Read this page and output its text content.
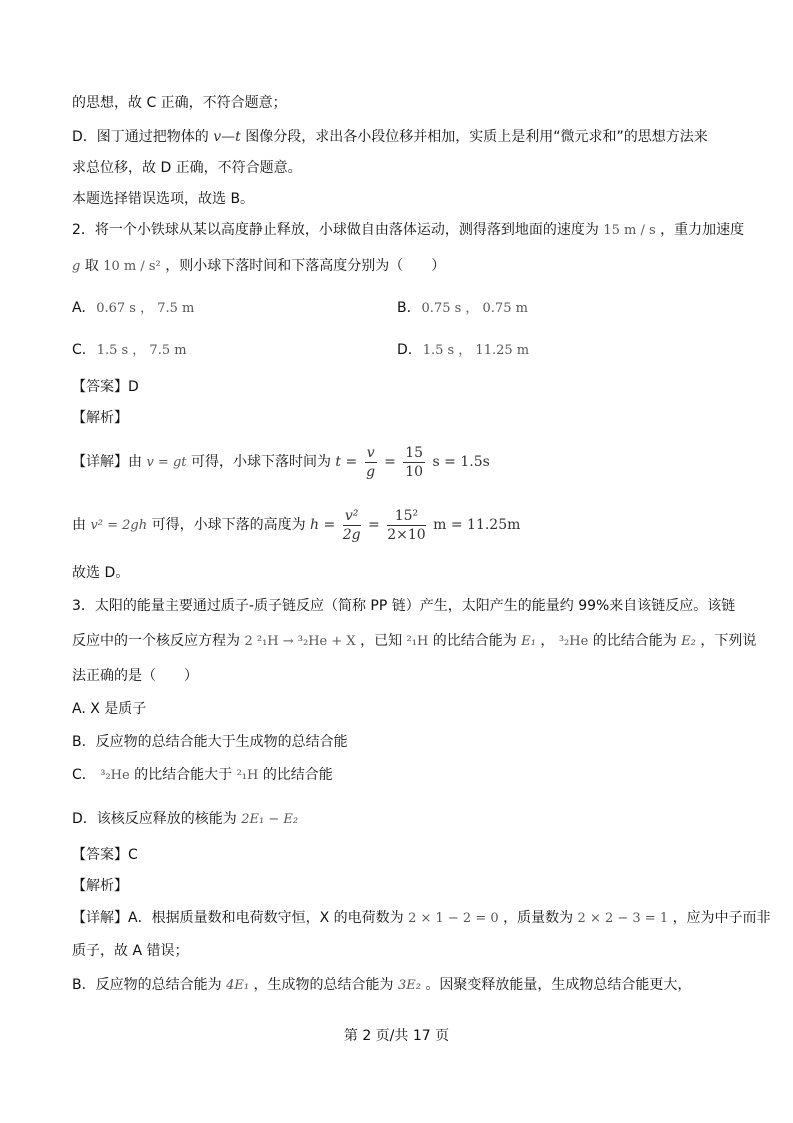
的思想，故 C 正确，不符合题意；
D．图丁通过把物体的 v—t 图像分段，求出各小段位移并相加，实质上是利用“微元求和”的思想方法来
求总位移，故 D 正确，不符合题意。
本题选择错误选项，故选 B。
2．将一个小铁球从某以高度静止释放，小球做自由落体运动，测得落到地面的速度为 15 m / s ，重力加速度
g 取 10 m / s² ，则小球下落时间和下落高度分别为（　　）
A. 0.67 s ， 7.5 m	B. 0.75 s ， 0.75 m
C. 1.5 s ， 7.5 m	D. 1.5 s ， 11.25 m
【答案】D
【解析】
【详解】由 v = gt 可得，小球下落时间为 $t = \frac{v}{g} = \frac{15}{10}$ s = 1.5s
由 v² = 2gh 可得，小球下落的高度为 $h = \frac{\text{v²}}{2g} = \frac{\text{15²}}{2\times 10}$ m = 11.25m
故选 D。
3．太阳的能量主要通过质子-质子链反应（简称 PP 链）产生，太阳产生的能量约 99%来自该链反应。该链
反应中的一个核反应方程为 2 ²₁H → ³₂He + X ，已知 ²₁H 的比结合能为 E₁ ， ³₂He 的比结合能为 E₂ ，下列说
法正确的是（　　）
A. X 是质子
B．反应物的总结合能大于生成物的总结合能
C． ³₂He 的比结合能大于 ²₁H 的比结合能
D．该核反应释放的核能为 2E₁ − E₂
【答案】C
【解析】
【详解】A．根据质量数和电荷数守恒，X 的电荷数为 2 × 1 − 2 = 0 ，质量数为 2 × 2 − 3 = 1 ，应为中子而非
质子，故 A 错误；
B．反应物的总结合能为 4E₁ ，生成物的总结合能为 3E₂ 。因聚变释放能量，生成物总结合能更大，
第 2 页/共 17 页
